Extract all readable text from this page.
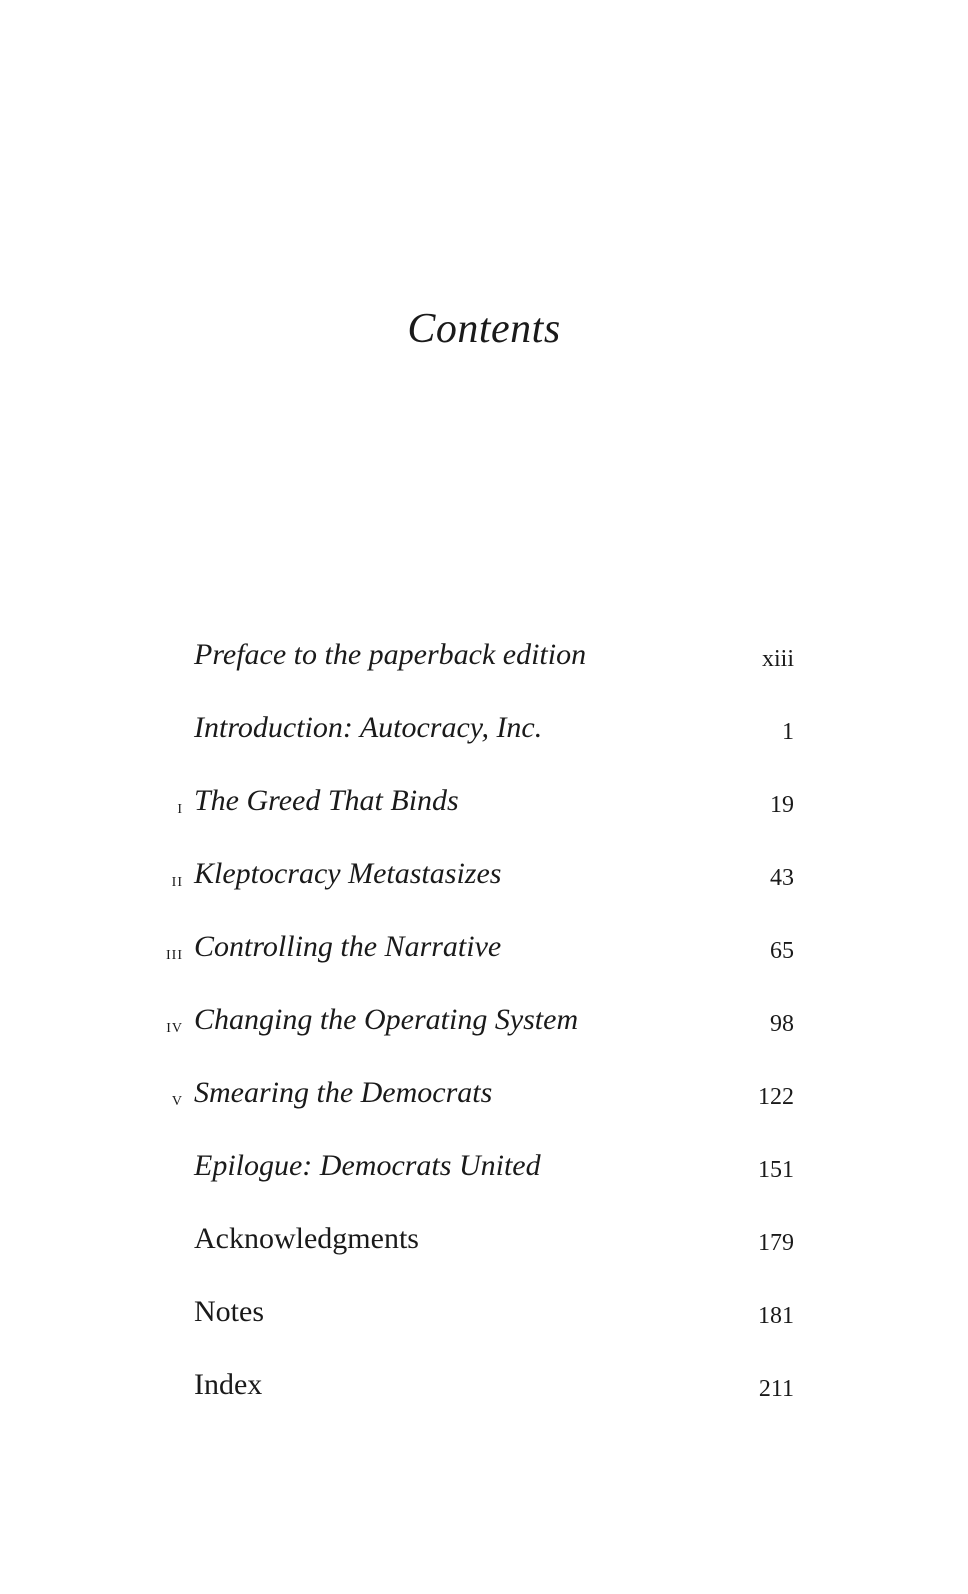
Contents
Preface to the paperback edition	xiii
Introduction: Autocracy, Inc.	1
i The Greed That Binds	19
ii Kleptocracy Metastasizes	43
iii Controlling the Narrative	65
iv Changing the Operating System	98
v Smearing the Democrats	122
Epilogue: Democrats United	151
Acknowledgments	179
Notes	181
Index	211
